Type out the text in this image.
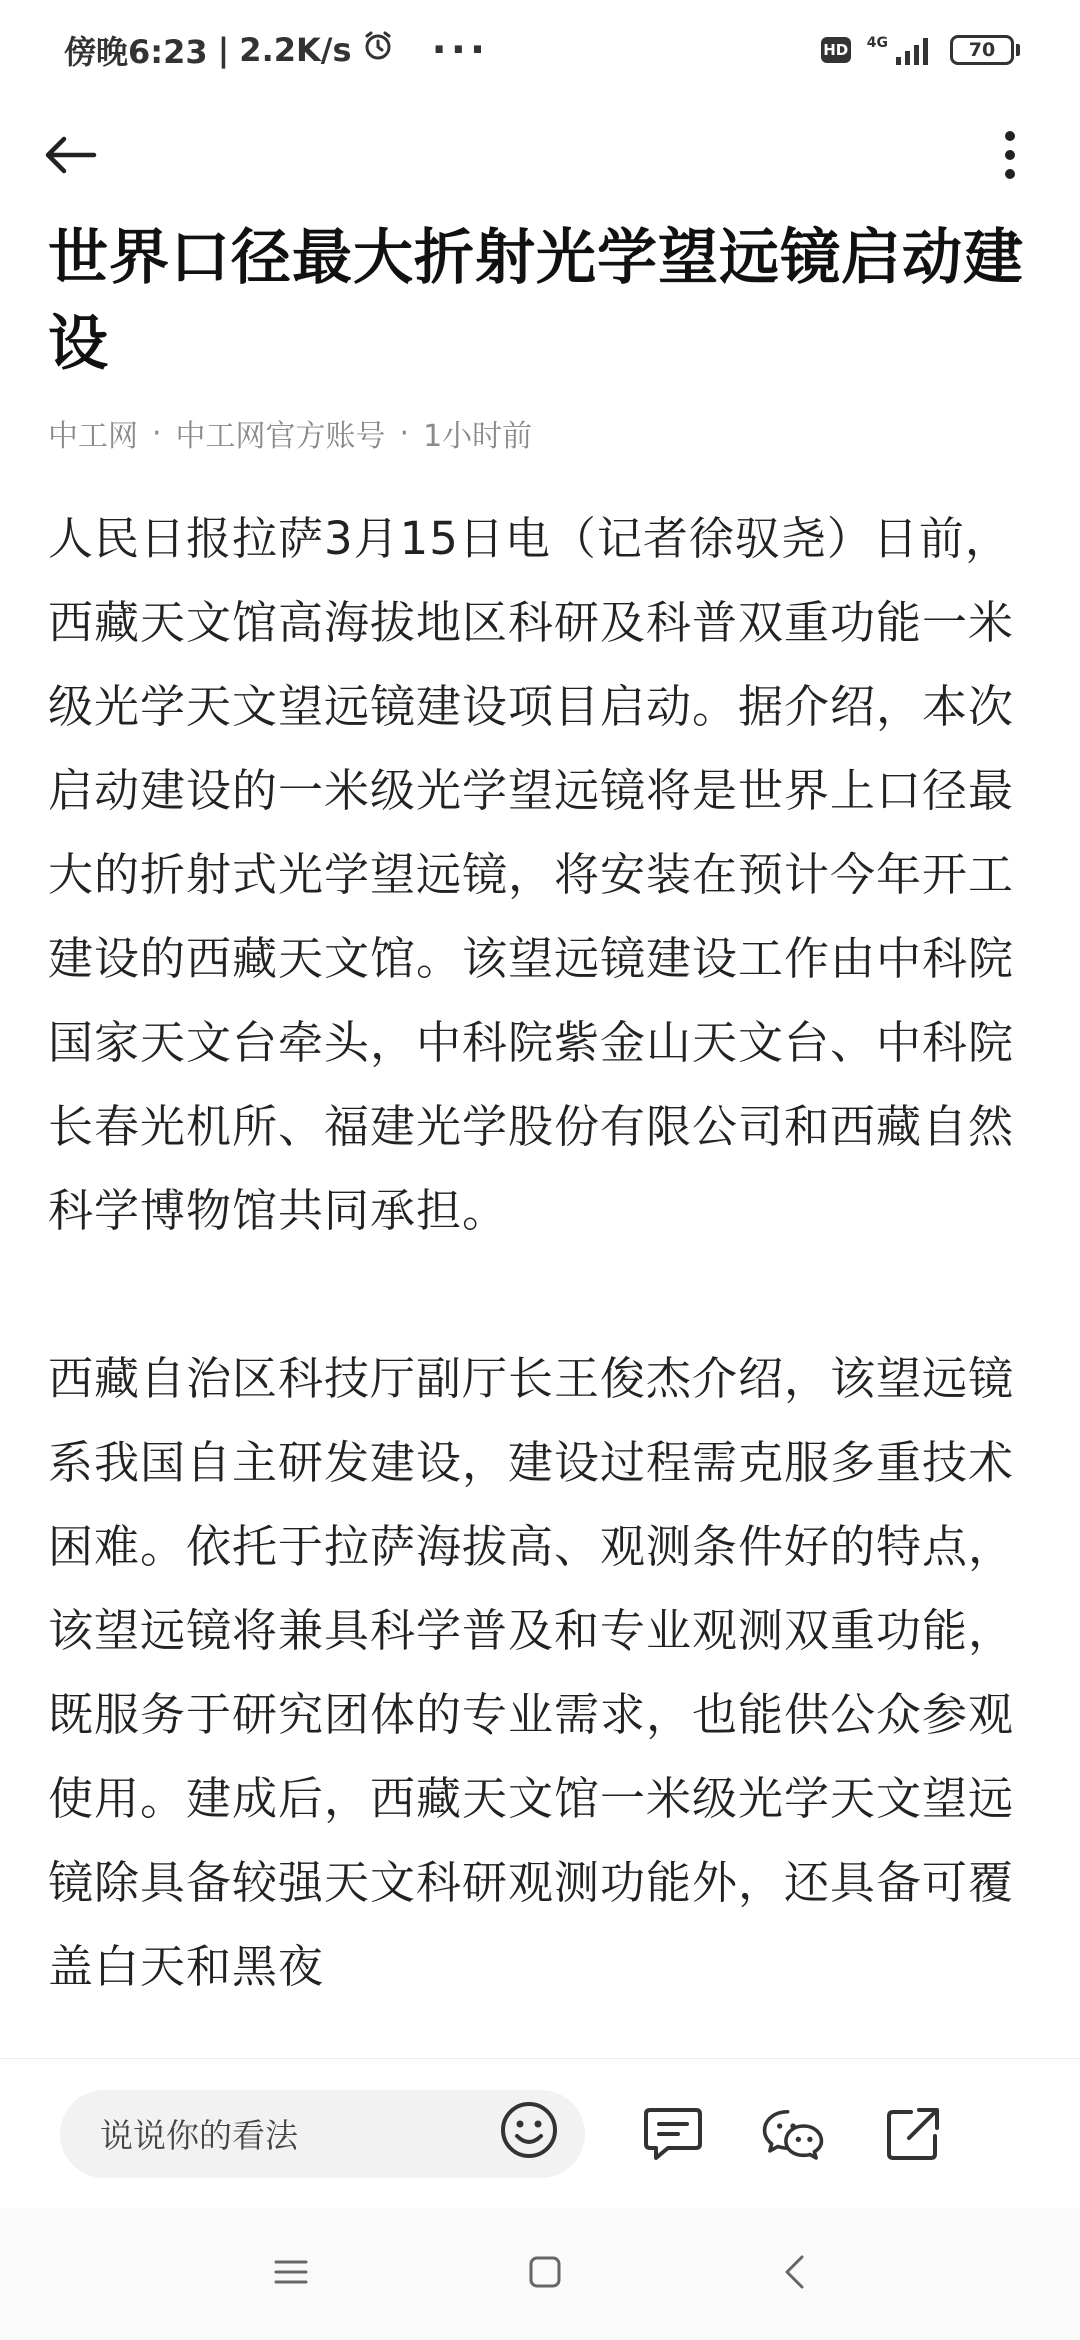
傍晚6:23 | 2.2K/s ···	HD 4G	70
世界口径最大折射光学望远镜启动建设
中工网 · 中工网官方账号 · 1小时前

人民日报拉萨3月15日电（记者徐驭尧）日前，西藏天文馆高海拔地区科研及科普双重功能一米级光学天文望远镜建设项目启动。据介绍，本次启动建设的一米级光学望远镜将是世界上口径最大的折射式光学望远镜，将安装在预计今年开工建设的西藏天文馆。该望远镜建设工作由中科院国家天文台牵头，中科院紫金山天文台、中科院长春光机所、福建光学股份有限公司和西藏自然科学博物馆共同承担。

西藏自治区科技厅副厅长王俊杰介绍，该望远镜系我国自主研发建设，建设过程需克服多重技术困难。依托于拉萨海拔高、观测条件好的特点，该望远镜将兼具科学普及和专业观测双重功能，既服务于研究团体的专业需求，也能供公众参观使用。建成后，西藏天文馆一米级光学天文望远镜除具备较强天文科研观测功能外，还具备可覆盖白天和黑夜

说说你的看法
